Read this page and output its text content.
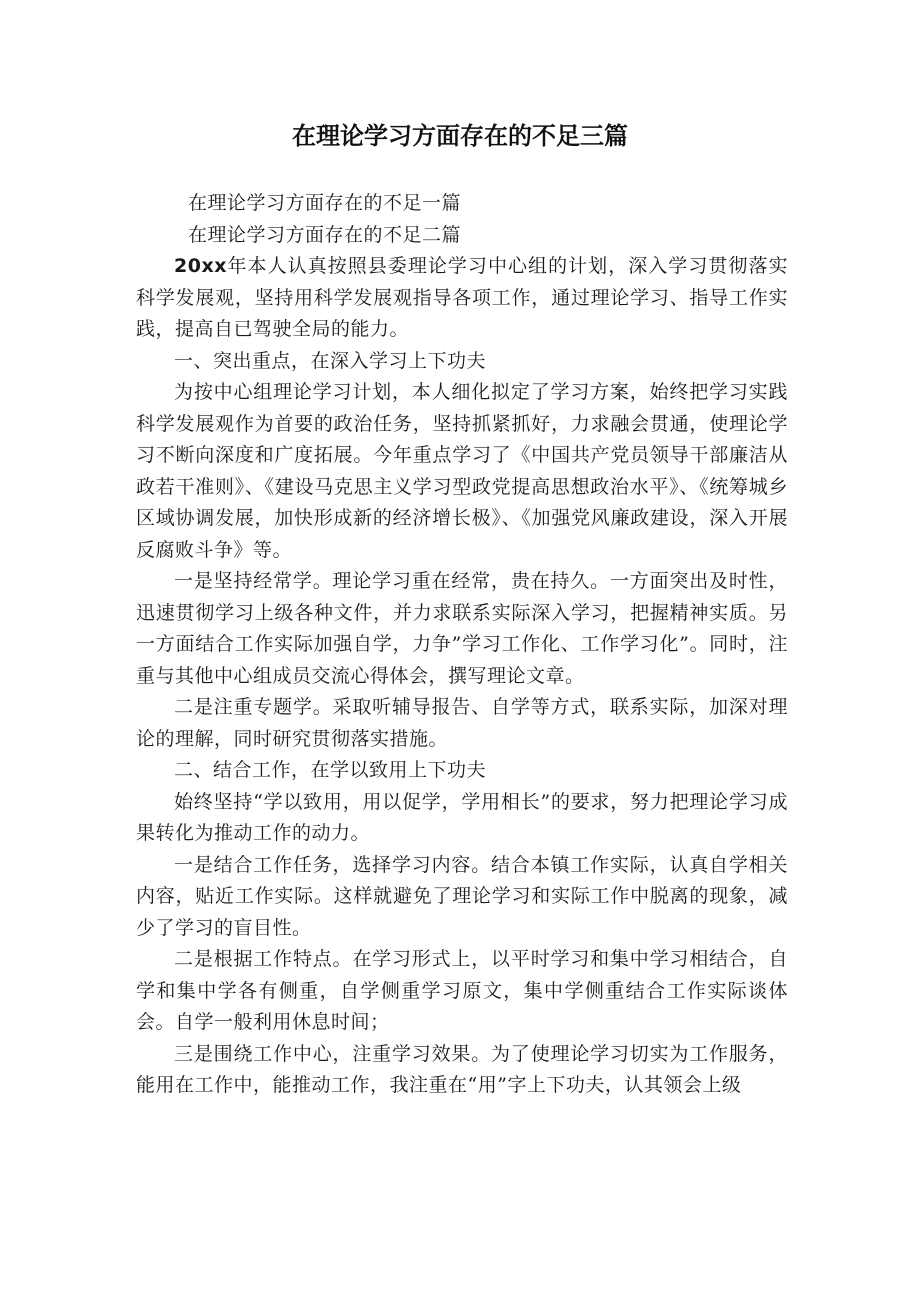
在理论学习方面存在的不足三篇

在理论学习方面存在的不足一篇

在理论学习方面存在的不足二篇

20xx年本人认真按照县委理论学习中心组的计划，深入学习贯彻落实科学发展观，坚持用科学发展观指导各项工作，通过理论学习、指导工作实践，提高自已驾驶全局的能力。

一、突出重点，在深入学习上下功夫

为按中心组理论学习计划，本人细化拟定了学习方案，始终把学习实践科学发展观作为首要的政治任务，坚持抓紧抓好，力求融会贯通，使理论学习不断向深度和广度拓展。今年重点学习了《中国共产党员领导干部廉洁从政若干准则》、《建设马克思主义学习型政党提高思想政治水平》、《统筹城乡区域协调发展，加快形成新的经济增长极》、《加强党风廉政建设，深入开展反腐败斗争》等。

一是坚持经常学。理论学习重在经常，贵在持久。一方面突出及时性，迅速贯彻学习上级各种文件，并力求联系实际深入学习，把握精神实质。另一方面结合工作实际加强自学，力争”学习工作化、工作学习化”。同时，注重与其他中心组成员交流心得体会，撰写理论文章。

二是注重专题学。采取听辅导报告、自学等方式，联系实际，加深对理论的理解，同时研究贯彻落实措施。

二、结合工作，在学以致用上下功夫

始终坚持“学以致用，用以促学，学用相长”的要求，努力把理论学习成果转化为推动工作的动力。

一是结合工作任务，选择学习内容。结合本镇工作实际，认真自学相关内容，贴近工作实际。这样就避免了理论学习和实际工作中脱离的现象，减少了学习的盲目性。

二是根据工作特点。在学习形式上，以平时学习和集中学习相结合，自学和集中学各有侧重，自学侧重学习原文，集中学侧重结合工作实际谈体会。自学一般利用休息时间；

三是围绕工作中心，注重学习效果。为了使理论学习切实为工作服务，能用在工作中，能推动工作，我注重在“用”字上下功夫，认其领会上级
